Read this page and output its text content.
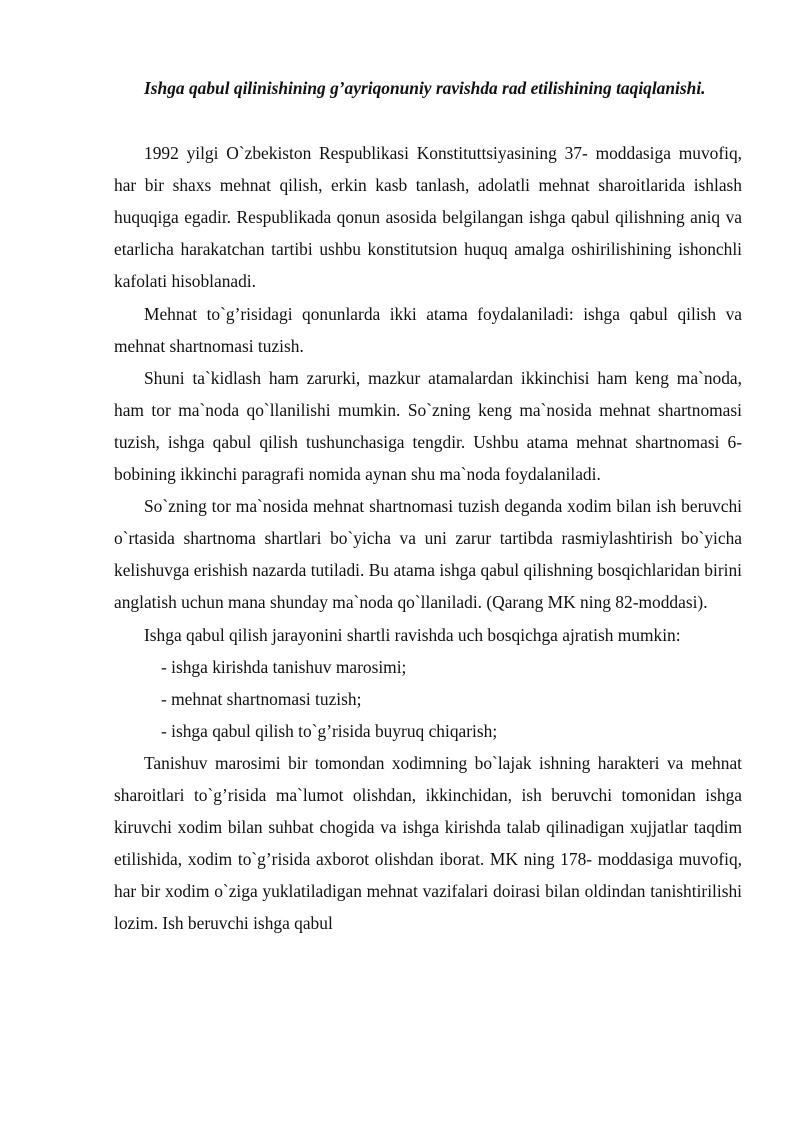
Ishga qabul qilinishining g’ayriqonuniy ravishda rad etilishining taqiqlanishi.

1992 yilgi O`zbekiston Respublikasi Konstituttsiyasining 37- moddasiga muvofiq, har bir shaxs mehnat qilish, erkin kasb tanlash, adolatli mehnat sharoitlarida ishlash huquqiga egadir. Respublikada qonun asosida belgilangan ishga qabul qilishning aniq va etarlicha harakatchan tartibi ushbu konstitutsion huquq amalga oshirilishining ishonchli kafolati hisoblanadi.

Mehnat to`g’risidagi qonunlarda ikki atama foydalaniladi: ishga qabul qilish va mehnat shartnomasi tuzish.

Shuni ta`kidlash ham zarurki, mazkur atamalardan ikkinchisi ham keng ma`noda, ham tor ma`noda qo`llanilishi mumkin. So`zning keng ma`nosida mehnat shartnomasi tuzish, ishga qabul qilish tushunchasiga tengdir. Ushbu atama mehnat shartnomasi 6- bobining ikkinchi paragrafi nomida aynan shu ma`noda foydalaniladi.

So`zning tor ma`nosida mehnat shartnomasi tuzish deganda xodim bilan ish beruvchi o`rtasida shartnoma shartlari bo`yicha va uni zarur tartibda rasmiylashtirish bo`yicha kelishuvga erishish nazarda tutiladi. Bu atama ishga qabul qilishning bosqichlaridan birini anglatish uchun mana shunday ma`noda qo`llaniladi. (Qarang MK ning 82-moddasi).

Ishga qabul qilish jarayonini shartli ravishda uch bosqichga ajratish mumkin:

- ishga kirishda tanishuv marosimi;

- mehnat shartnomasi tuzish;

- ishga qabul qilish to`g’risida buyruq chiqarish;

Tanishuv marosimi bir tomondan xodimning bo`lajak ishning harakteri va mehnat sharoitlari to`g’risida ma`lumot olishdan, ikkinchidan, ish beruvchi tomonidan ishga kiruvchi xodim bilan suhbat chogida va ishga kirishda talab qilinadigan xujjatlar taqdim etilishida, xodim to`g’risida axborot olishdan iborat. MK ning 178- moddasiga muvofiq, har bir xodim o`ziga yuklatiladigan mehnat vazifalari doirasi bilan oldindan tanishtirilishi lozim. Ish beruvchi ishga qabul
